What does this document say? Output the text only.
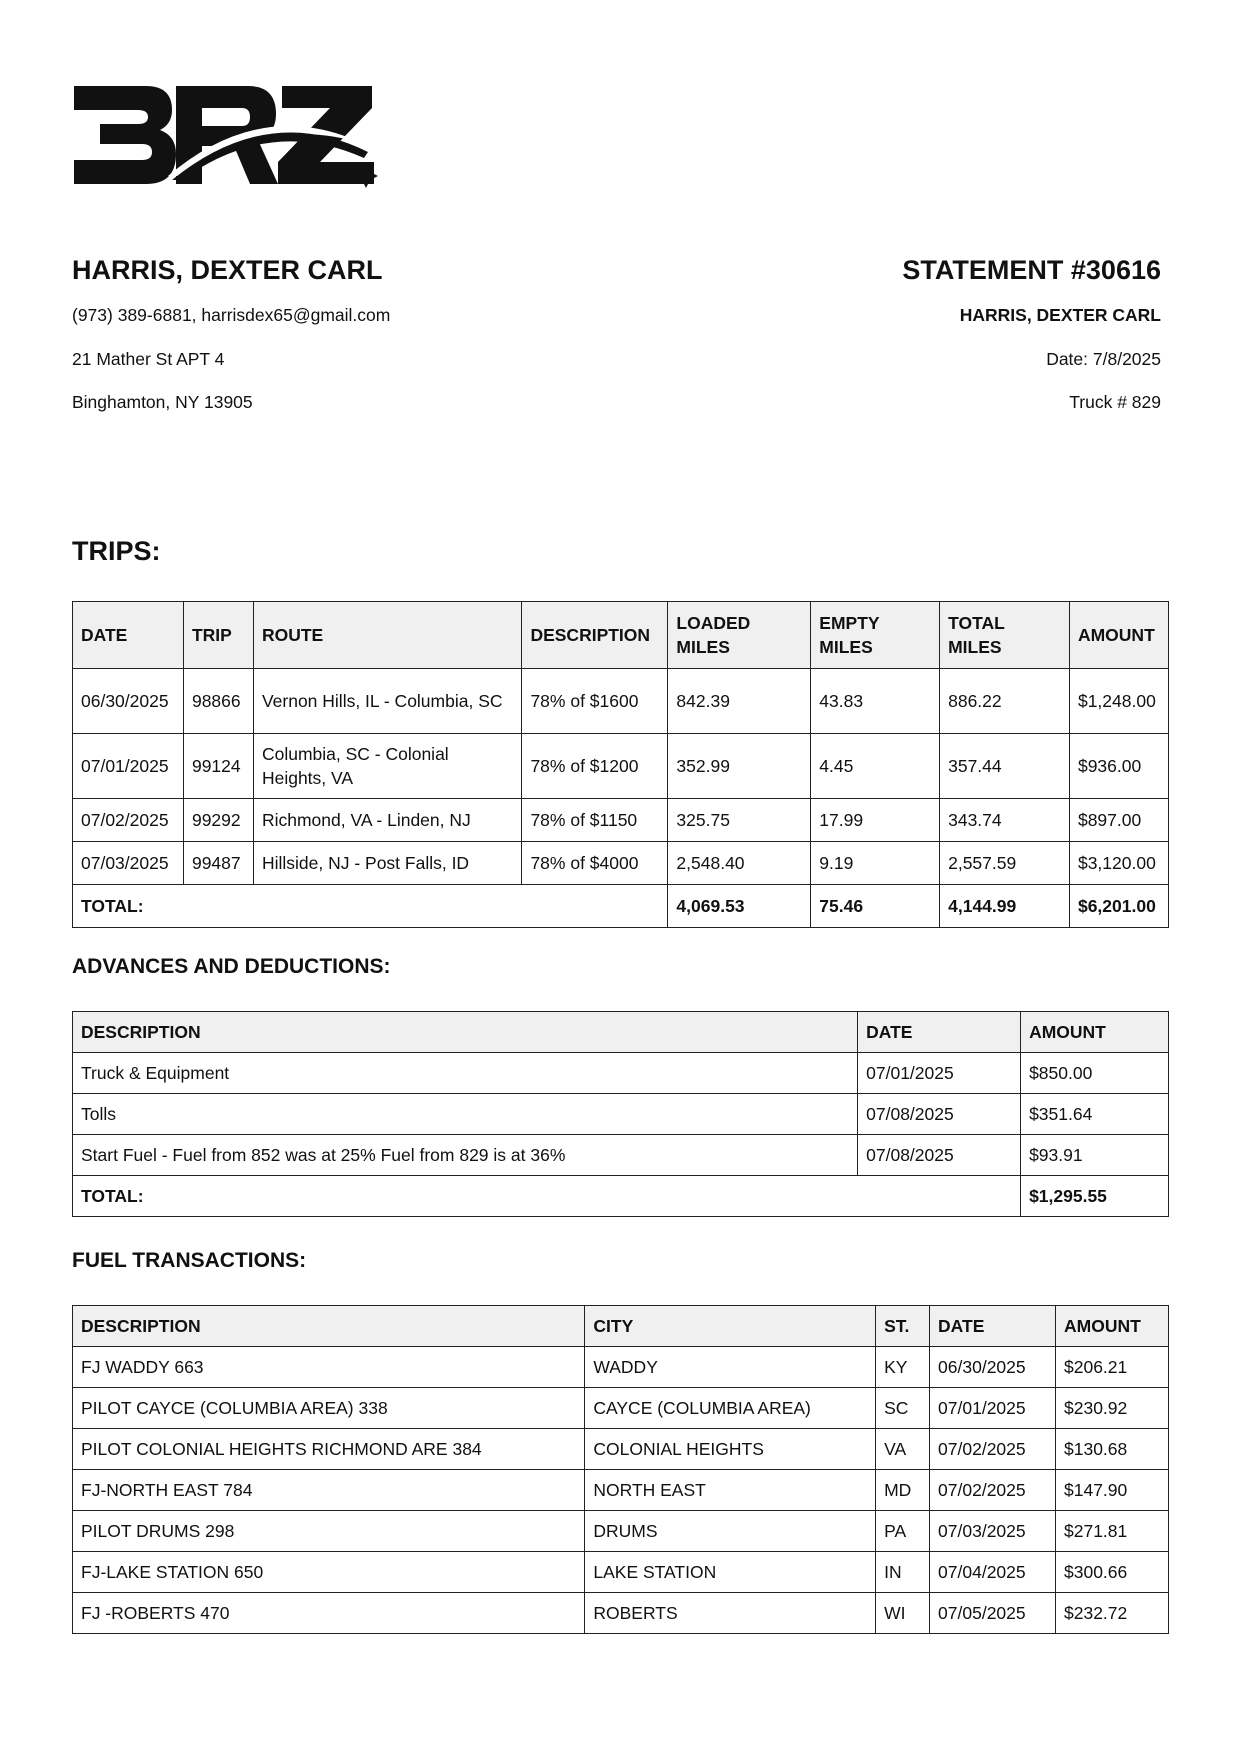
HARRIS, DEXTER CARL
(973) 389-6881, harrisdex65@gmail.com
21 Mather St APT 4
Binghamton, NY 13905
STATEMENT #30616
HARRIS, DEXTER CARL
Date: 7/8/2025
Truck # 829
TRIPS:
DATE	TRIP	ROUTE	DESCRIPTION	LOADED MILES	EMPTY MILES	TOTAL MILES	AMOUNT
06/30/2025	98866	Vernon Hills, IL - Columbia, SC	78% of $1600	842.39	43.83	886.22	$1,248.00
07/01/2025	99124	Columbia, SC - Colonial Heights, VA	78% of $1200	352.99	4.45	357.44	$936.00
07/02/2025	99292	Richmond, VA - Linden, NJ	78% of $1150	325.75	17.99	343.74	$897.00
07/03/2025	99487	Hillside, NJ - Post Falls, ID	78% of $4000	2,548.40	9.19	2,557.59	$3,120.00
TOTAL:				4,069.53	75.46	4,144.99	$6,201.00
ADVANCES AND DEDUCTIONS:
DESCRIPTION	DATE	AMOUNT
Truck & Equipment	07/01/2025	$850.00
Tolls	07/08/2025	$351.64
Start Fuel - Fuel from 852 was at 25% Fuel from 829 is at 36%	07/08/2025	$93.91
TOTAL:		$1,295.55
FUEL TRANSACTIONS:
DESCRIPTION	CITY	ST.	DATE	AMOUNT
FJ WADDY 663	WADDY	KY	06/30/2025	$206.21
PILOT CAYCE (COLUMBIA AREA) 338	CAYCE (COLUMBIA AREA)	SC	07/01/2025	$230.92
PILOT COLONIAL HEIGHTS RICHMOND ARE 384	COLONIAL HEIGHTS	VA	07/02/2025	$130.68
FJ-NORTH EAST 784	NORTH EAST	MD	07/02/2025	$147.90
PILOT DRUMS 298	DRUMS	PA	07/03/2025	$271.81
FJ-LAKE STATION 650	LAKE STATION	IN	07/04/2025	$300.66
FJ -ROBERTS 470	ROBERTS	WI	07/05/2025	$232.72
